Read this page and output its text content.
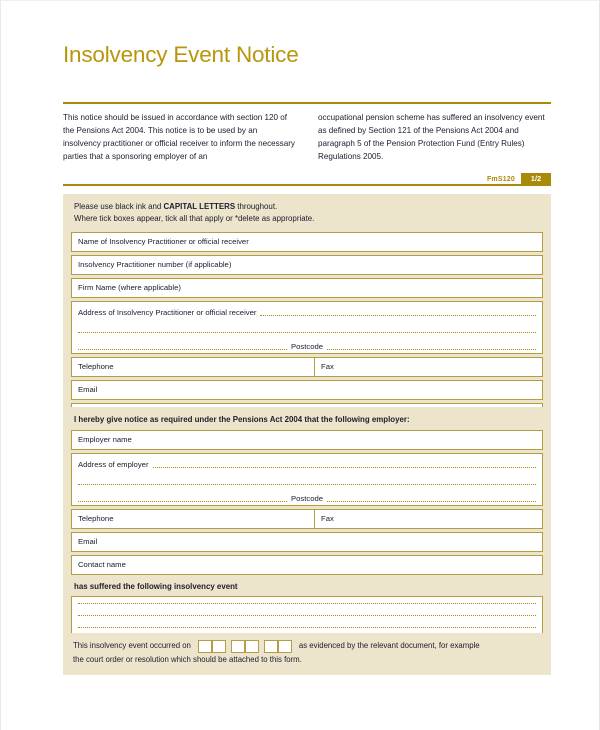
Insolvency Event Notice

This notice should be issued in accordance with section 120 of the Pensions Act 2004. This notice is to be used by an insolvency practitioner or official receiver to inform the necessary parties that a sponsoring employer of an

occupational pension scheme has suffered an insolvency event as defined by Section 121 of the Pensions Act 2004 and paragraph 5 of the Pension Protection Fund (Entry Rules) Regulations 2005.

FmS120	1/2

Please use black ink and CAPITAL LETTERS throughout.
Where tick boxes appear, tick all that apply or *delete as appropriate.

Name of Insolvency Practitioner or official receiver
Insolvency Practitioner number (if applicable)
Firm Name (where applicable)
Address of Insolvency Practitioner or official receiver
Postcode
Telephone	Fax
Email

I hereby give notice as required under the Pensions Act 2004 that the following employer:

Employer name
Address of employer
Postcode
Telephone	Fax
Email
Contact name

has suffered the following insolvency event

This insolvency event occurred on	as evidenced by the relevant document, for example
the court order or resolution which should be attached to this form.
